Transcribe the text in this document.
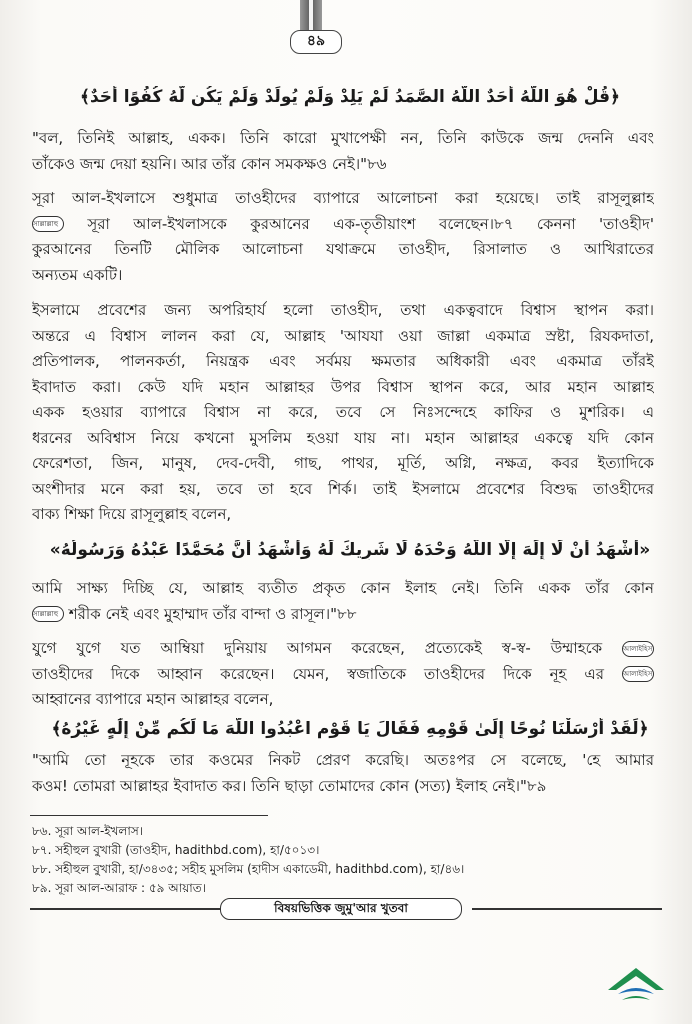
৪৯
﴿قُلْ هُوَ اللَّهُ أَحَدٌ اللَّهُ الصَّمَدُ لَمْ يَلِدْ وَلَمْ يُولَدْ وَلَمْ يَكُن لَّهُ كُفُوًا أَحَدٌ﴾
"বল, তিনিই আল্লাহ, একক। তিনি কারো মুখাপেক্ষী নন, তিনি কাউকে জন্ম দেননি এবং
তাঁকেও জন্ম দেয়া হয়নি। আর তাঁর কোন সমকক্ষও নেই।"৮৬
সূরা আল-ইখলাসে শুধুমাত্র তাওহীদের ব্যাপারে আলোচনা করা হয়েছে। তাই রাসূলুল্লাহ
সাল্লাল্লাহু সূরা আল-ইখলাসকে কুরআনের এক-তৃতীয়াংশ বলেছেন।৮৭ কেননা 'তাওহীদ'
কুরআনের তিনটি মৌলিক আলোচনা যথাক্রমে তাওহীদ, রিসালাত ও আখিরাতের
অন্যতম একটি।
ইসলামে প্রবেশের জন্য অপরিহার্য হলো তাওহীদ, তথা একত্ববাদে বিশ্বাস স্থাপন করা।
অন্তরে এ বিশ্বাস লালন করা যে, আল্লাহ 'আযযা ওয়া জাল্লা একমাত্র স্রষ্টা, রিযকদাতা,
প্রতিপালক, পালনকর্তা, নিয়ন্ত্রক এবং সর্বময় ক্ষমতার অধিকারী এবং একমাত্র তাঁরই
ইবাদাত করা। কেউ যদি মহান আল্লাহর উপর বিশ্বাস স্থাপন করে, আর মহান আল্লাহ
একক হওয়ার ব্যাপারে বিশ্বাস না করে, তবে সে নিঃসন্দেহে কাফির ও মুশরিক। এ
ধরনের অবিশ্বাস নিয়ে কখনো মুসলিম হওয়া যায় না। মহান আল্লাহর একত্বে যদি কোন
ফেরেশতা, জিন, মানুষ, দেব-দেবী, গাছ, পাথর, মূর্তি, অগ্নি, নক্ষত্র, কবর ইত্যাদিকে
অংশীদার মনে করা হয়, তবে তা হবে শির্ক। তাই ইসলামে প্রবেশের বিশুদ্ধ তাওহীদের
বাক্য শিক্ষা দিয়ে রাসূলুল্লাহ বলেন,
«أَشْهَدُ أَنْ لَا إِلَهَ إِلَّا اللَّهُ وَحْدَهُ لَا شَرِيكَ لَهُ وَأَشْهَدُ أَنَّ مُحَمَّدًا عَبْدُهُ وَرَسُولُهُ»
আমি সাক্ষ্য দিচ্ছি যে, আল্লাহ ব্যতীত প্রকৃত কোন ইলাহ নেই। তিনি একক তাঁর কোন
সাল্লাল্লাহু শরীক নেই এবং মুহাম্মাদ তাঁর বান্দা ও রাসূল।"৮৮
যুগে যুগে যত আম্বিয়া দুনিয়ায় আগমন করেছেন, প্রত্যেকেই স্ব-স্ব- উম্মাহকে	আলাইহিস
তাওহীদের দিকে আহ্বান করেছেন। যেমন, স্বজাতিকে তাওহীদের দিকে নূহ এর	আলাইহিস
আহ্বানের ব্যাপারে মহান আল্লাহর বলেন,
﴿لَقَدْ أَرْسَلْنَا نُوحًا إِلَىٰ قَوْمِهِ فَقَالَ يَا قَوْمِ اعْبُدُوا اللَّهَ مَا لَكُم مِّنْ إِلَٰهٍ غَيْرُهُ﴾
"আমি তো নূহকে তার কওমের নিকট প্রেরণ করেছি। অতঃপর সে বলেছে, 'হে আমার
কওম! তোমরা আল্লাহর ইবাদাত কর। তিনি ছাড়া তোমাদের কোন (সত্য) ইলাহ নেই।"৮৯
৮৬. সূরা আল-ইখলাস।
৮৭. সহীহুল বুখারী (তাওহীদ, hadithbd.com), হা/৫০১৩।
৮৮. সহীহুল বুখারী, হা/৩৪৩৫; সহীহ মুসলিম (হাদীস একাডেমী, hadithbd.com), হা/৪৬।
৮৯. সূরা আল-আরাফ : ৫৯ আয়াত।
বিষয়ভিত্তিক জুমু'আর খুতবা
